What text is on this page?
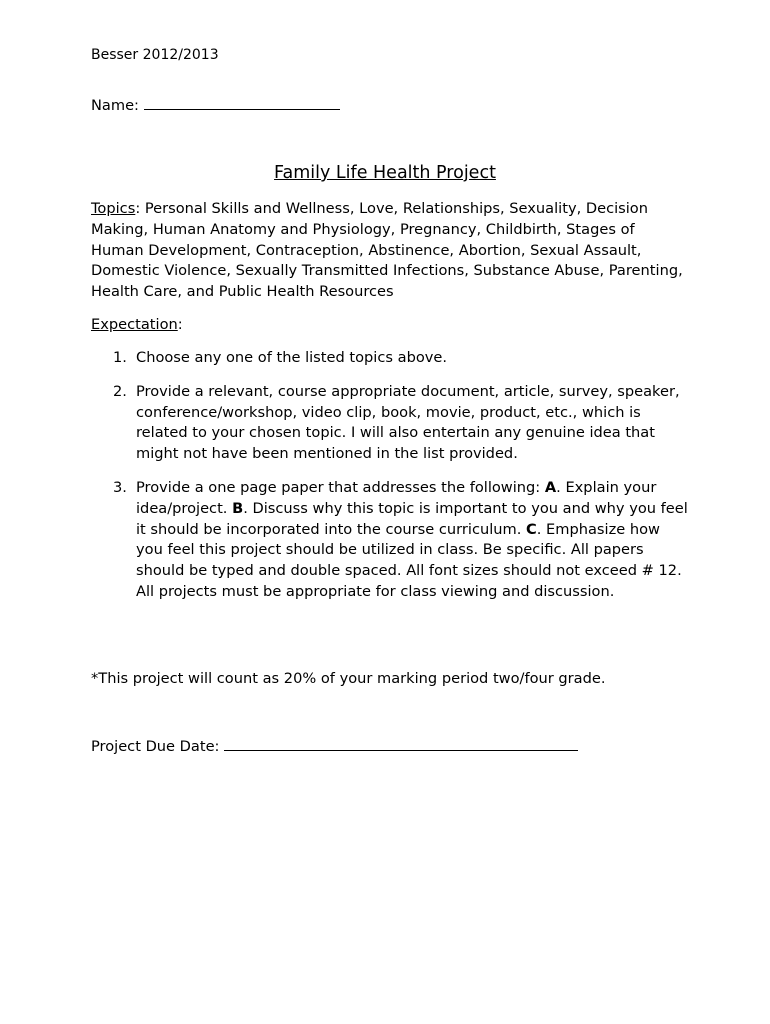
Besser 2012/2013
Name:
Family Life Health Project
Topics: Personal Skills and Wellness, Love, Relationships, Sexuality, Decision Making, Human Anatomy and Physiology, Pregnancy, Childbirth, Stages of Human Development, Contraception, Abstinence, Abortion, Sexual Assault, Domestic Violence, Sexually Transmitted Infections, Substance Abuse, Parenting, Health Care, and Public Health Resources
Expectation:
1. Choose any one of the listed topics above.
2. Provide a relevant, course appropriate document, article, survey, speaker, conference/workshop, video clip, book, movie, product, etc., which is related to your chosen topic. I will also entertain any genuine idea that might not have been mentioned in the list provided.
3. Provide a one page paper that addresses the following: A. Explain your idea/project. B. Discuss why this topic is important to you and why you feel it should be incorporated into the course curriculum. C. Emphasize how you feel this project should be utilized in class. Be specific. All papers should be typed and double spaced. All font sizes should not exceed # 12. All projects must be appropriate for class viewing and discussion.
*This project will count as 20% of your marking period two/four grade.
Project Due Date:
